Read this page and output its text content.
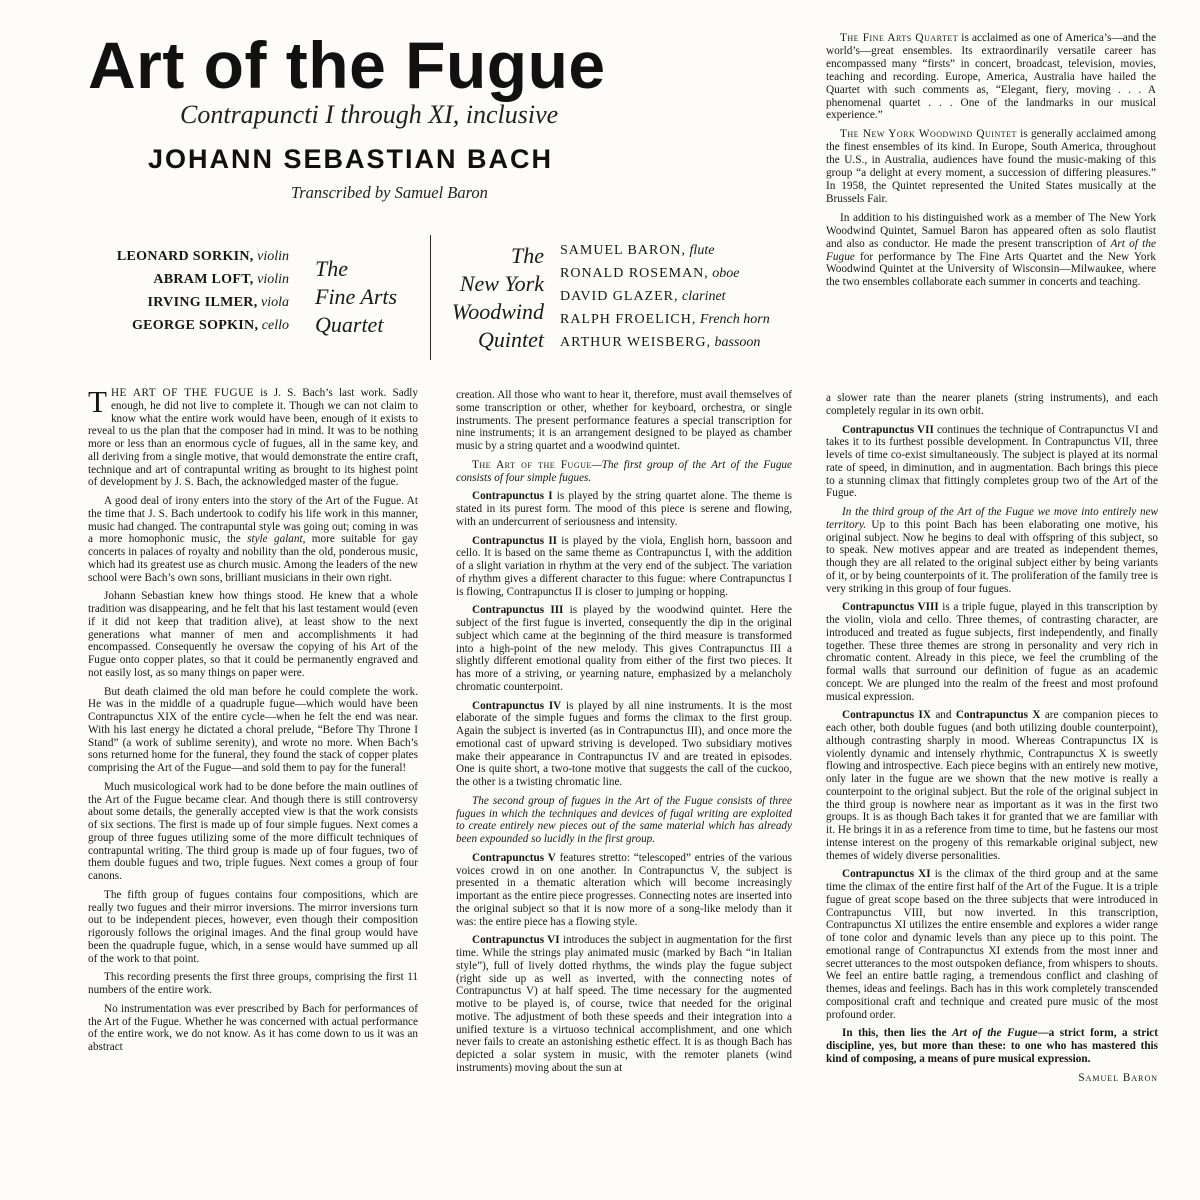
Art of the Fugue
Contrapuncti I through XI, inclusive
JOHANN SEBASTIAN BACH
Transcribed by Samuel Baron
LEONARD SORKIN, violin
ABRAM LOFT, violin
IRVING ILMER, viola
GEORGE SOPKIN, cello
The
Fine Arts
Quartet
The
New York
Woodwind
Quintet
SAMUEL BARON, flute
RONALD ROSEMAN, oboe
DAVID GLAZER, clarinet
RALPH FROELICH, French horn
ARTHUR WEISBERG, bassoon

The Fine Arts Quartet is acclaimed as one of America’s—and the world’s—great ensembles. Its extraordinarily versatile career has encompassed many “firsts” in concert, broadcast, television, movies, teaching and recording. Europe, America, Australia have hailed the Quartet with such comments as, “Elegant, fiery, moving . . . A phenomenal quartet . . . One of the landmarks in our musical experience.”

The New York Woodwind Quintet is generally acclaimed among the finest ensembles of its kind. In Europe, South America, throughout the U.S., in Australia, audiences have found the music-making of this group “a delight at every moment, a succession of differing pleasures.” In 1958, the Quintet represented the United States musically at the Brussels Fair.

In addition to his distinguished work as a member of The New York Woodwind Quintet, Samuel Baron has appeared often as solo flautist and also as conductor. He made the present transcription of Art of the Fugue for performance by The Fine Arts Quartet and the New York Woodwind Quintet at the University of Wisconsin—Milwaukee, where the two ensembles collaborate each summer in concerts and teaching.

THE ART OF THE FUGUE is J. S. Bach’s last work. Sadly enough, he did not live to complete it. Though we can not claim to know what the entire work would have been, enough of it exists to reveal to us the plan that the composer had in mind. It was to be nothing more or less than an enormous cycle of fugues, all in the same key, and all deriving from a single motive, that would demonstrate the entire craft, technique and art of contrapuntal writing as brought to its highest point of development by J. S. Bach, the acknowledged master of the fugue.

A good deal of irony enters into the story of the Art of the Fugue. At the time that J. S. Bach undertook to codify his life work in this manner, music had changed. The contrapuntal style was going out; coming in was a more homophonic music, the style galant, more suitable for gay concerts in palaces of royalty and nobility than the old, ponderous music, which had its greatest use as church music. Among the leaders of the new school were Bach’s own sons, brilliant musicians in their own right.

Johann Sebastian knew how things stood. He knew that a whole tradition was disappearing, and he felt that his last testament would (even if it did not keep that tradition alive), at least show to the next generations what manner of men and accomplishments it had encompassed. Consequently he oversaw the copying of his Art of the Fugue onto copper plates, so that it could be permanently engraved and not easily lost, as so many things on paper were.

But death claimed the old man before he could complete the work. He was in the middle of a quadruple fugue—which would have been Contrapunctus XIX of the entire cycle—when he felt the end was near. With his last energy he dictated a choral prelude, “Before Thy Throne I Stand” (a work of sublime serenity), and wrote no more. When Bach’s sons returned home for the funeral, they found the stack of copper plates comprising the Art of the Fugue—and sold them to pay for the funeral!

Much musicological work had to be done before the main outlines of the Art of the Fugue became clear. And though there is still controversy about some details, the generally accepted view is that the work consists of six sections. The first is made up of four simple fugues. Next comes a group of three fugues utilizing some of the more difficult techniques of contrapuntal writing. The third group is made up of four fugues, two of them double fugues and two, triple fugues. Next comes a group of four canons.

The fifth group of fugues contains four compositions, which are really two fugues and their mirror inversions. The mirror inversions turn out to be independent pieces, however, even though their composition rigorously follows the original images. And the final group would have been the quadruple fugue, which, in a sense would have summed up all of the work to that point.

This recording presents the first three groups, comprising the first 11 numbers of the entire work.

No instrumentation was ever prescribed by Bach for performances of the Art of the Fugue. Whether he was concerned with actual performance of the entire work, we do not know. As it has come down to us it was an abstract

creation. All those who want to hear it, therefore, must avail themselves of some transcription or other, whether for keyboard, orchestra, or single instruments. The present performance features a special transcription for nine instruments; it is an arrangement designed to be played as chamber music by a string quartet and a woodwind quintet.

The Art of the Fugue—The first group of the Art of the Fugue consists of four simple fugues.

Contrapunctus I is played by the string quartet alone. The theme is stated in its purest form. The mood of this piece is serene and flowing, with an undercurrent of seriousness and intensity.

Contrapunctus II is played by the viola, English horn, bassoon and cello. It is based on the same theme as Contrapunctus I, with the addition of a slight variation in rhythm at the very end of the subject. The variation of rhythm gives a different character to this fugue: where Contrapunctus I is flowing, Contrapunctus II is closer to jumping or hopping.

Contrapunctus III is played by the woodwind quintet. Here the subject of the first fugue is inverted, consequently the dip in the original subject which came at the beginning of the third measure is transformed into a high-point of the new melody. This gives Contrapunctus III a slightly different emotional quality from either of the first two pieces. It has more of a striving, or yearning nature, emphasized by a melancholy chromatic counterpoint.

Contrapunctus IV is played by all nine instruments. It is the most elaborate of the simple fugues and forms the climax to the first group. Again the subject is inverted (as in Contrapunctus III), and once more the emotional cast of upward striving is developed. Two subsidiary motives make their appearance in Contrapunctus IV and are treated in episodes. One is quite short, a two-tone motive that suggests the call of the cuckoo, the other is a twisting chromatic line.

The second group of fugues in the Art of the Fugue consists of three fugues in which the techniques and devices of fugal writing are exploited to create entirely new pieces out of the same material which has already been expounded so lucidly in the first group.

Contrapunctus V features stretto: “telescoped” entries of the various voices crowd in on one another. In Contrapunctus V, the subject is presented in a thematic alteration which will become increasingly important as the entire piece progresses. Connecting notes are inserted into the original subject so that it is now more of a song-like melody than it was: the entire piece has a flowing style.

Contrapunctus VI introduces the subject in augmentation for the first time. While the strings play animated music (marked by Bach “in Italian style”), full of lively dotted rhythms, the winds play the fugue subject (right side up as well as inverted, with the connecting notes of Contrapunctus V) at half speed. The time necessary for the augmented motive to be played is, of course, twice that needed for the original motive. The adjustment of both these speeds and their integration into a unified texture is a virtuoso technical accomplishment, and one which never fails to create an astonishing esthetic effect. It is as though Bach has depicted a solar system in music, with the remoter planets (wind instruments) moving about the sun at

a slower rate than the nearer planets (string instruments), and each completely regular in its own orbit.

Contrapunctus VII continues the technique of Contrapunctus VI and takes it to its furthest possible development. In Contrapunctus VII, three levels of time co-exist simultaneously. The subject is played at its normal rate of speed, in diminution, and in augmentation. Bach brings this piece to a stunning climax that fittingly completes group two of the Art of the Fugue.

In the third group of the Art of the Fugue we move into entirely new territory. Up to this point Bach has been elaborating one motive, his original subject. Now he begins to deal with offspring of this subject, so to speak. New motives appear and are treated as independent themes, though they are all related to the original subject either by being variants of it, or by being counterpoints of it. The proliferation of the family tree is very striking in this group of four fugues.

Contrapunctus VIII is a triple fugue, played in this transcription by the violin, viola and cello. Three themes, of contrasting character, are introduced and treated as fugue subjects, first independently, and finally together. These three themes are strong in personality and very rich in chromatic content. Already in this piece, we feel the crumbling of the formal walls that surround our definition of fugue as an academic concept. We are plunged into the realm of the freest and most profound musical expression.

Contrapunctus IX and Contrapunctus X are companion pieces to each other, both double fugues (and both utilizing double counterpoint), although contrasting sharply in mood. Whereas Contrapunctus IX is violently dynamic and intensely rhythmic, Contrapunctus X is sweetly flowing and introspective. Each piece begins with an entirely new motive, only later in the fugue are we shown that the new motive is really a counterpoint to the original subject. But the role of the original subject in the third group is nowhere near as important as it was in the first two groups. It is as though Bach takes it for granted that we are familiar with it. He brings it in as a reference from time to time, but he fastens our most intense interest on the progeny of this remarkable original subject, new themes of widely diverse personalities.

Contrapunctus XI is the climax of the third group and at the same time the climax of the entire first half of the Art of the Fugue. It is a triple fugue of great scope based on the three subjects that were introduced in Contrapunctus VIII, but now inverted. In this transcription, Contrapunctus XI utilizes the entire ensemble and explores a wider range of tone color and dynamic levels than any piece up to this point. The emotional range of Contrapunctus XI extends from the most inner and secret utterances to the most outspoken defiance, from whispers to shouts. We feel an entire battle raging, a tremendous conflict and clashing of themes, ideas and feelings. Bach has in this work completely transcended compositional craft and technique and created pure music of the most profound order.

In this, then lies the Art of the Fugue—a strict form, a strict discipline, yes, but more than these: to one who has mastered this kind of composing, a means of pure musical expression.

Samuel Baron
